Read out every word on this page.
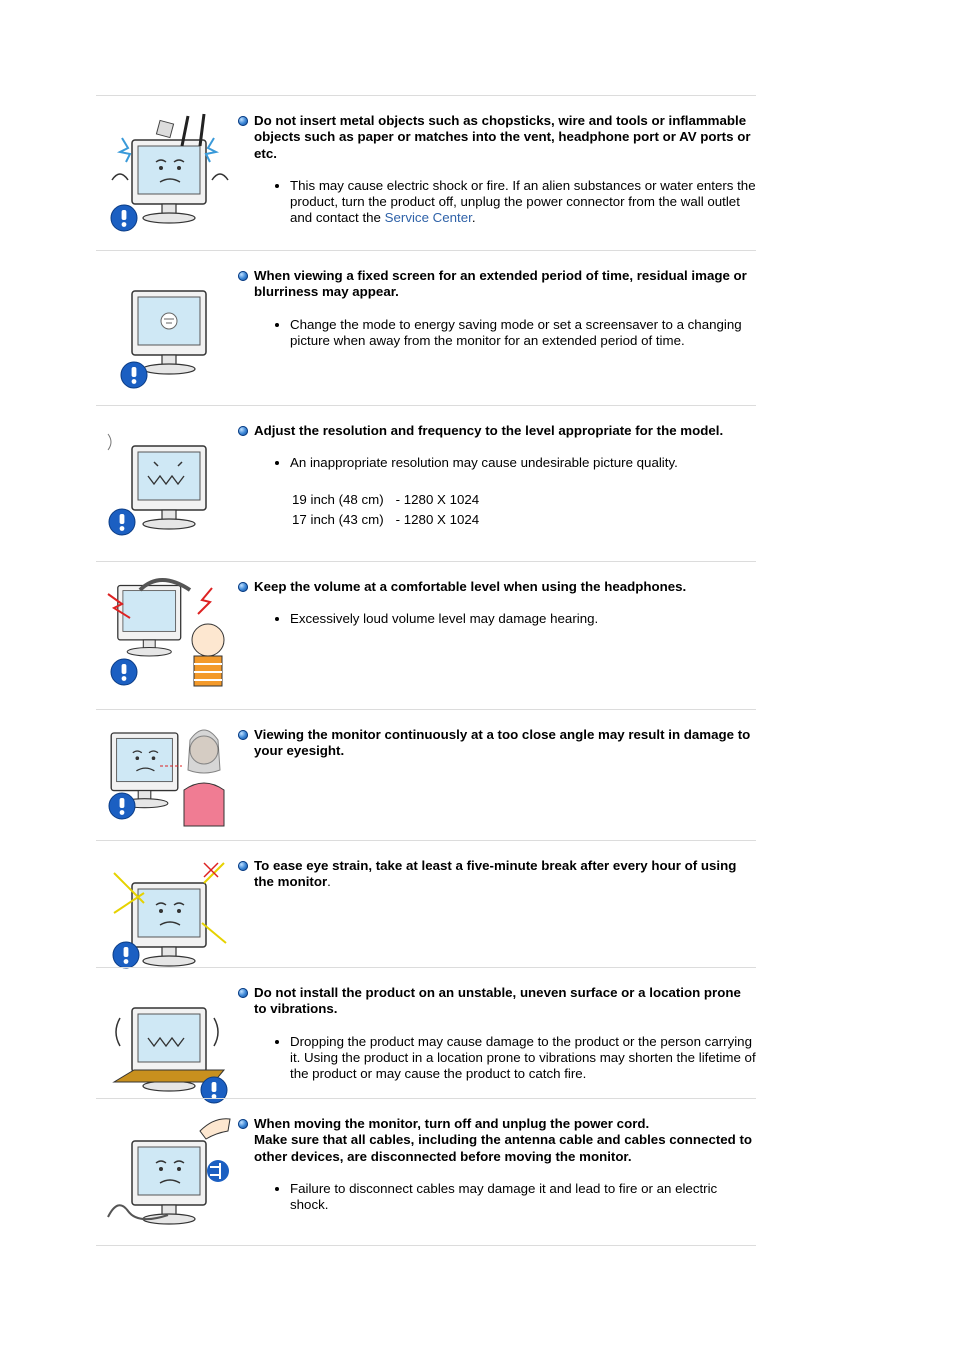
Do not insert metal objects such as chopsticks, wire and tools or inflammable objects such as paper or matches into the vent, headphone port or AV ports or etc.
• This may cause electric shock or fire. If an alien substances or water enters the product, turn the product off, unplug the power connector from the wall outlet and contact the Service Center.
When viewing a fixed screen for an extended period of time, residual image or blurriness may appear.
• Change the mode to energy saving mode or set a screensaver to a changing picture when away from the monitor for an extended period of time.
Adjust the resolution and frequency to the level appropriate for the model.
• An inappropriate resolution may cause undesirable picture quality.
19 inch (48 cm)	- 1280 X 1024
17 inch (43 cm)	- 1280 X 1024
Keep the volume at a comfortable level when using the headphones.
• Excessively loud volume level may damage hearing.
Viewing the monitor continuously at a too close angle may result in damage to your eyesight.
To ease eye strain, take at least a five-minute break after every hour of using the monitor.
Do not install the product on an unstable, uneven surface or a location prone to vibrations.
• Dropping the product may cause damage to the product or the person carrying it. Using the product in a location prone to vibrations may shorten the lifetime of the product or may cause the product to catch fire.
When moving the monitor, turn off and unplug the power cord.
Make sure that all cables, including the antenna cable and cables connected to other devices, are disconnected before moving the monitor.
• Failure to disconnect cables may damage it and lead to fire or an electric shock.
